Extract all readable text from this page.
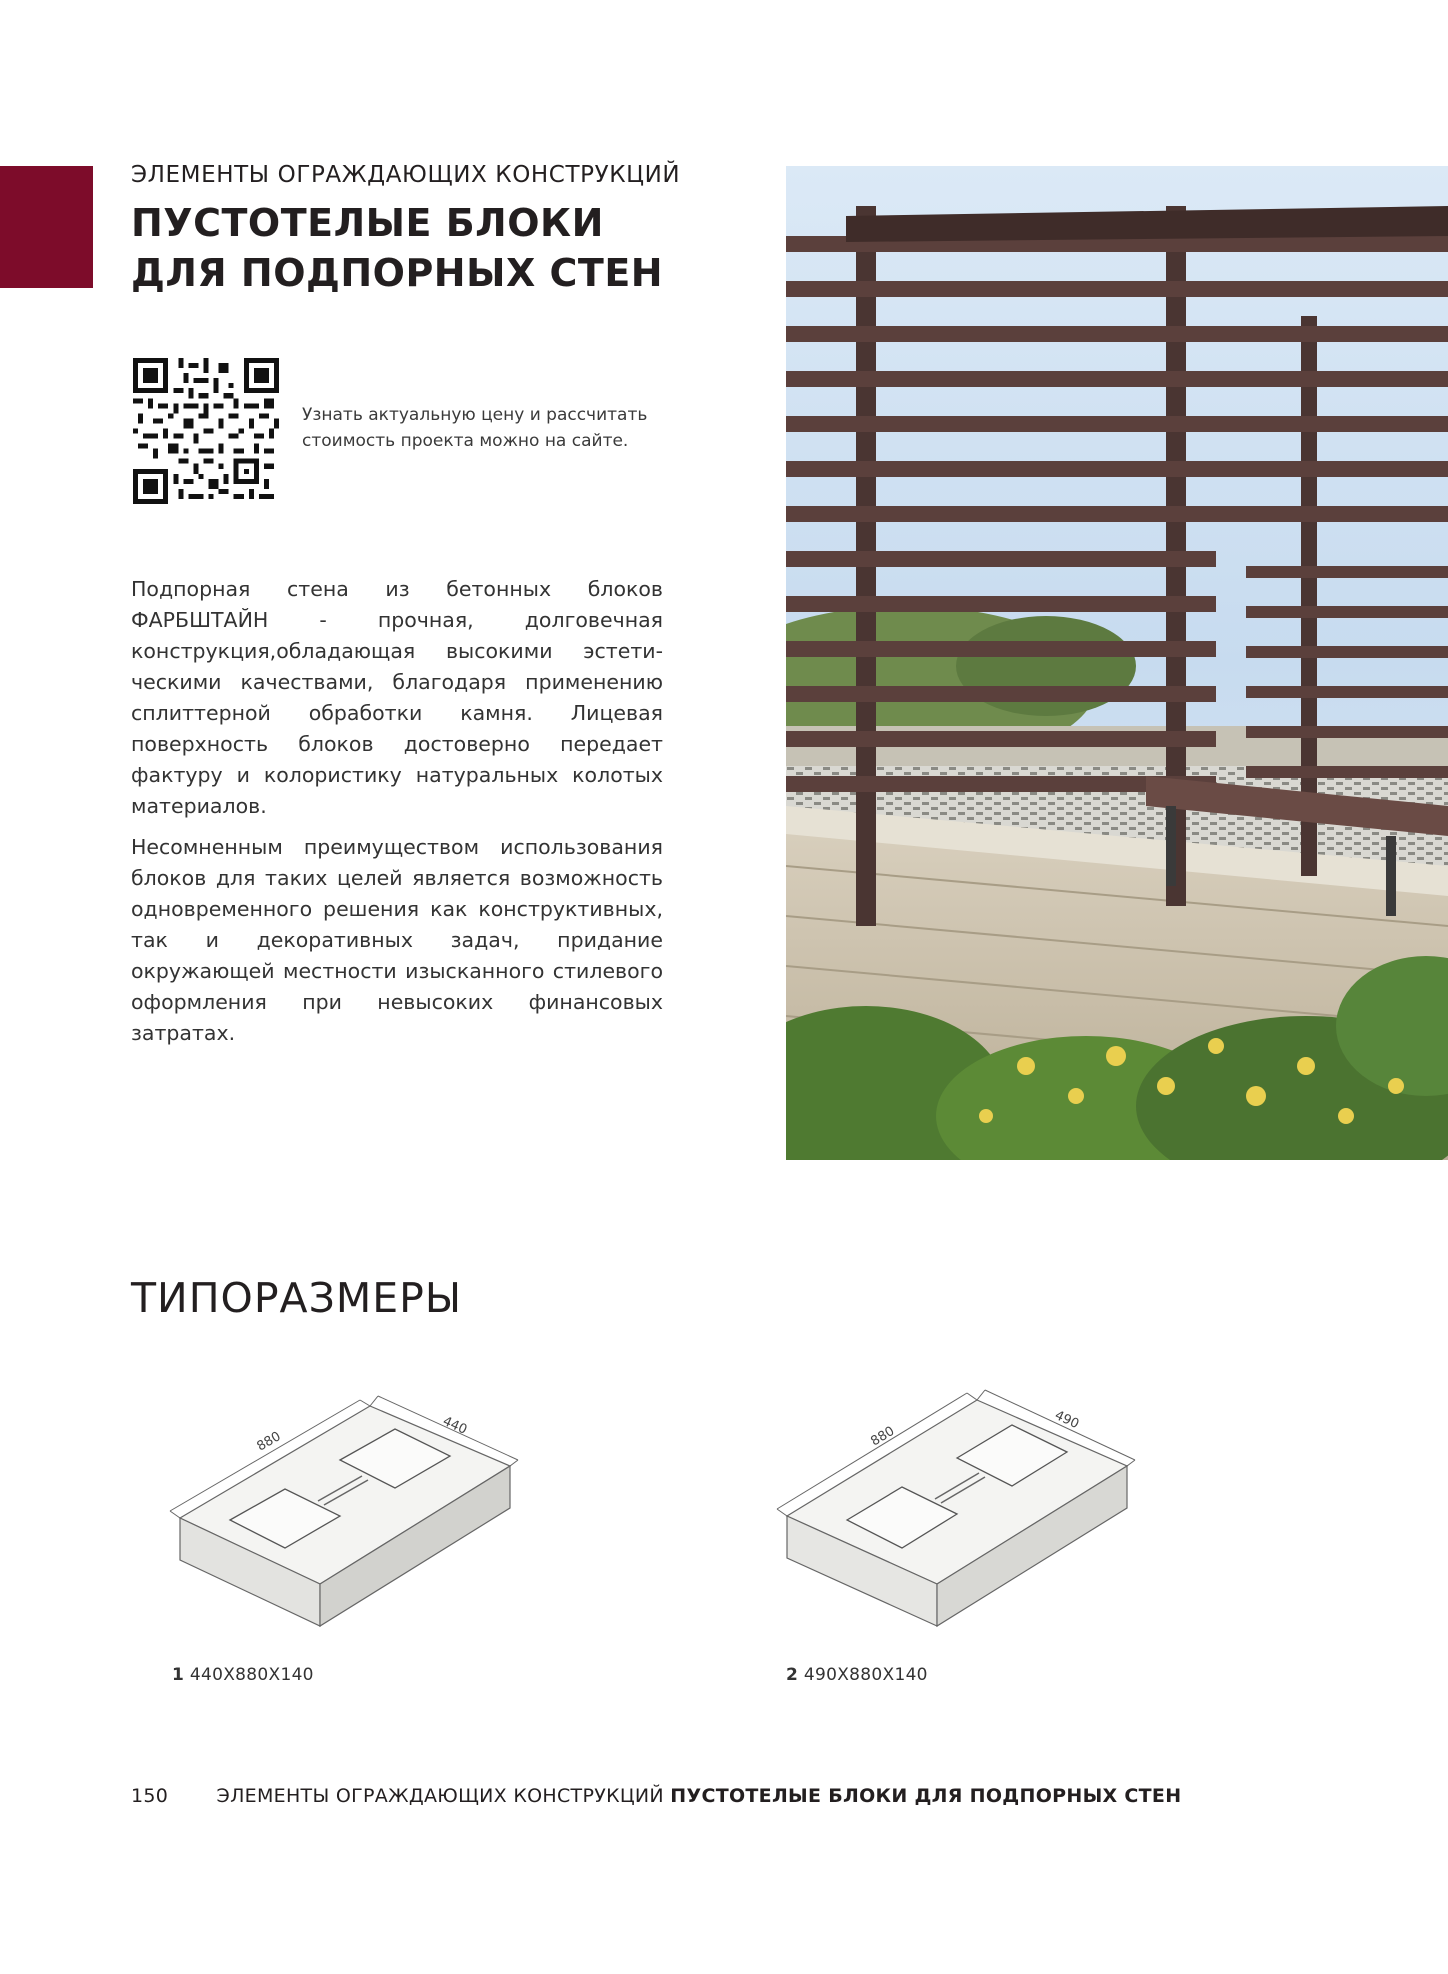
ЭЛЕМЕНТЫ ОГРАЖДАЮЩИХ КОНСТРУКЦИЙ
ПУСТОТЕЛЫЕ БЛОКИ
ДЛЯ ПОДПОРНЫХ СТЕН
Узнать актуальную цену и рассчитать
стоимость проекта можно на сайте.

Подпорная стена из бетонных блоков ФАРБШТАЙН - прочная, долговечная конструкция,обладающая высокими эстетическими качествами, благодаря применению сплиттерной обработки камня. Лицевая поверхность блоков достоверно передает фактуру и колористику натуральных колотых материалов.

Несомненным преимуществом использования блоков для таких целей является возможность одновременного решения как конструктивных, так и декоративных задач, придание окружающей местности изысканного стилевого оформления при невысоких финансовых затратах.

ТИПОРАЗМЕРЫ
880
440
1 440X880X140
880
490
2 490X880X140
150	ЭЛЕМЕНТЫ ОГРАЖДАЮЩИХ КОНСТРУКЦИЙ ПУСТОТЕЛЫЕ БЛОКИ ДЛЯ ПОДПОРНЫХ СТЕН
